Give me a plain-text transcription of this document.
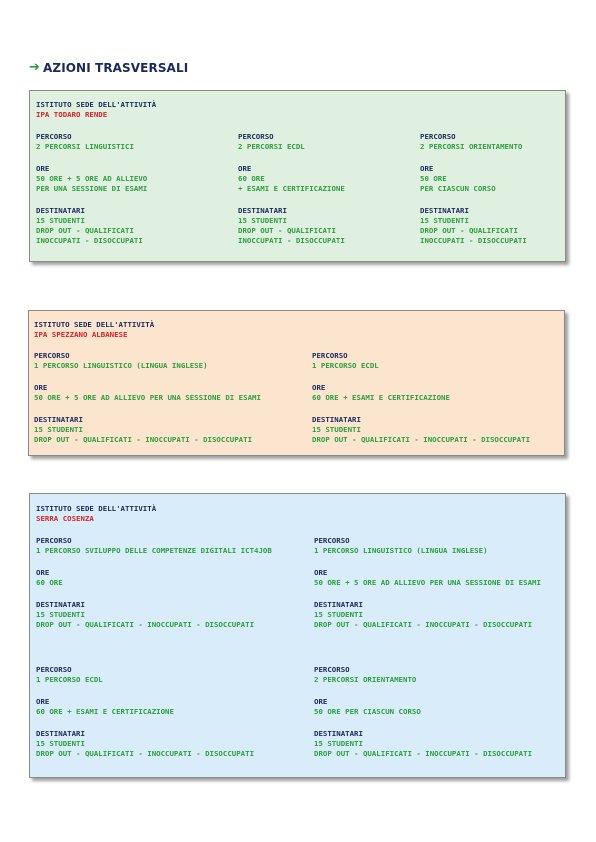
➔ AZIONI TRASVERSALI
ISTITUTO SEDE DELL'ATTIVITÀ
IPA TODARO RENDE
PERCORSO
2 PERCORSI LINGUISTICI
ORE
50 ORE + 5 ORE AD ALLIEVO
PER UNA SESSIONE DI ESAMI
DESTINATARI
15 STUDENTI
DROP OUT - QUALIFICATI
INOCCUPATI - DISOCCUPATI
PERCORSO
2 PERCORSI ECDL
ORE
60 ORE
+ ESAMI E CERTIFICAZIONE
DESTINATARI
15 STUDENTI
DROP OUT - QUALIFICATI
INOCCUPATI - DISOCCUPATI
PERCORSO
2 PERCORSI ORIENTAMENTO
ORE
50 ORE
PER CIASCUN CORSO
DESTINATARI
15 STUDENTI
DROP OUT - QUALIFICATI
INOCCUPATI - DISOCCUPATI
ISTITUTO SEDE DELL'ATTIVITÀ
IPA SPEZZANO ALBANESE
PERCORSO
1 PERCORSO LINGUISTICO (LINGUA INGLESE)
ORE
50 ORE + 5 ORE AD ALLIEVO PER UNA SESSIONE DI ESAMI
DESTINATARI
15 STUDENTI
DROP OUT - QUALIFICATI - INOCCUPATI - DISOCCUPATI
PERCORSO
1 PERCORSO ECDL
ORE
60 ORE + ESAMI E CERTIFICAZIONE
DESTINATARI
15 STUDENTI
DROP OUT - QUALIFICATI - INOCCUPATI - DISOCCUPATI
ISTITUTO SEDE DELL'ATTIVITÀ
SERRA COSENZA
PERCORSO
1 PERCORSO SVILUPPO DELLE COMPETENZE DIGITALI ICT4JOB
ORE
60 ORE
DESTINATARI
15 STUDENTI
DROP OUT - QUALIFICATI - INOCCUPATI - DISOCCUPATI
PERCORSO
1 PERCORSO LINGUISTICO (LINGUA INGLESE)
ORE
50 ORE + 5 ORE AD ALLIEVO PER UNA SESSIONE DI ESAMI
DESTINATARI
15 STUDENTI
DROP OUT - QUALIFICATI - INOCCUPATI - DISOCCUPATI
PERCORSO
1 PERCORSO ECDL
ORE
60 ORE + ESAMI E CERTIFICAZIONE
DESTINATARI
15 STUDENTI
DROP OUT - QUALIFICATI - INOCCUPATI - DISOCCUPATI
PERCORSO
2 PERCORSI ORIENTAMENTO
ORE
50 ORE PER CIASCUN CORSO
DESTINATARI
15 STUDENTI
DROP OUT - QUALIFICATI - INOCCUPATI - DISOCCUPATI
